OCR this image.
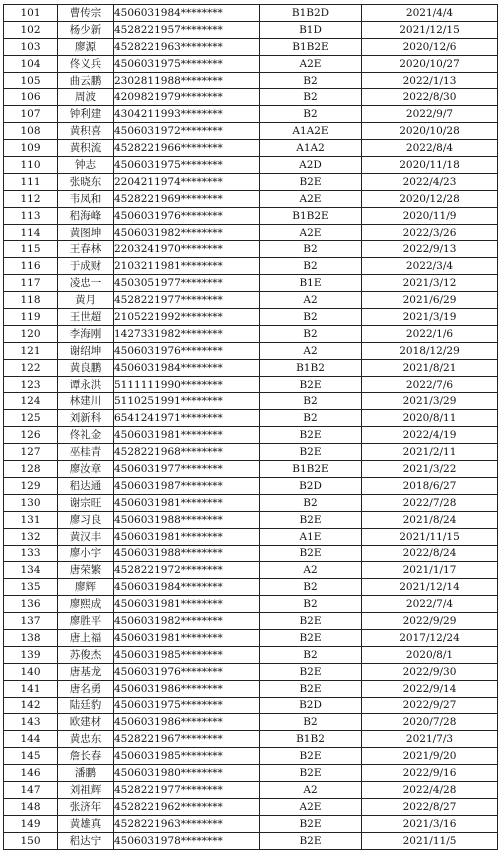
101	曹传宗	4506031984********	B1B2D	2021/4/4
102	杨少新	4528221957********	B1D	2021/12/15
103	廖源	4528221963********	B1B2E	2020/12/6
104	佟义兵	4506031975********	A2E	2020/10/27
105	曲云鹏	2302811988********	B2	2022/1/13
106	周波	4209821979********	B2	2022/8/30
107	钟利建	4304211993********	B2	2022/9/7
108	黄积喜	4506031972********	A1A2E	2020/10/28
109	黄积流	4528221966********	A1A2	2022/8/4
110	钟志	4506031975********	A2D	2020/11/18
111	张晓东	2204211974********	B2E	2022/4/23
112	韦凤和	4528221969********	A2E	2020/12/28
113	稆海峰	4506031976********	B1B2E	2020/11/9
114	黄图坤	4506031982********	A2E	2022/3/26
115	王春林	2203241970********	B2	2022/9/13
116	于成财	2103211981********	B2	2022/3/4
117	凌忠一	4503051977********	B1E	2021/3/12
118	黄月	4528221977********	A2	2021/6/29
119	王世超	2105221992********	B2	2021/3/19
120	李海刚	1427331982********	B2	2022/1/6
121	谢绍坤	4506031976********	A2	2018/12/29
122	黄良鹏	4506031984********	B1B2	2021/8/21
123	谭永洪	5111111990********	B2E	2022/7/6
124	林建川	5110251991********	B2	2021/3/29
125	刘新科	6541241971********	B2	2020/8/11
126	佟礼金	4506031981********	B2E	2022/4/19
127	巫桂青	4528221968********	B2E	2021/2/11
128	廖汝章	4506031977********	B1B2E	2021/3/22
129	稆达通	4506031987********	B2D	2018/6/27
130	谢宗旺	4506031981********	B2	2022/7/28
131	廖习良	4506031988********	B2E	2021/8/24
132	黄汉丰	4506031981********	A1E	2021/11/15
133	廖小宇	4506031988********	B2E	2022/8/24
134	唐荣繁	4528221972********	A2	2021/1/17
135	廖辉	4506031984********	B2	2021/12/14
136	廖熙成	4506031981********	B2	2022/7/4
137	廖胜平	4506031982********	B2E	2022/9/29
138	唐上福	4506031981********	B2E	2017/12/24
139	苏俊杰	4506031985********	B2	2020/8/1
140	唐基龙	4506031976********	B2E	2022/9/30
141	唐名勇	4506031986********	B2E	2022/9/14
142	陆廷豹	4506031975********	B2D	2022/9/27
143	欧建材	4506031986********	B2	2020/7/28
144	黄忠东	4528221967********	B1B2	2021/7/3
145	詹长春	4506031985********	B2E	2021/9/20
146	潘鹏	4506031980********	B2E	2022/9/16
147	刘祖辉	4528221977********	A2	2022/4/28
148	张济年	4528221962********	A2E	2022/8/27
149	黄雄真	4528221963********	B2E	2021/3/16
150	稆达宁	4506031978********	B2E	2021/11/5
